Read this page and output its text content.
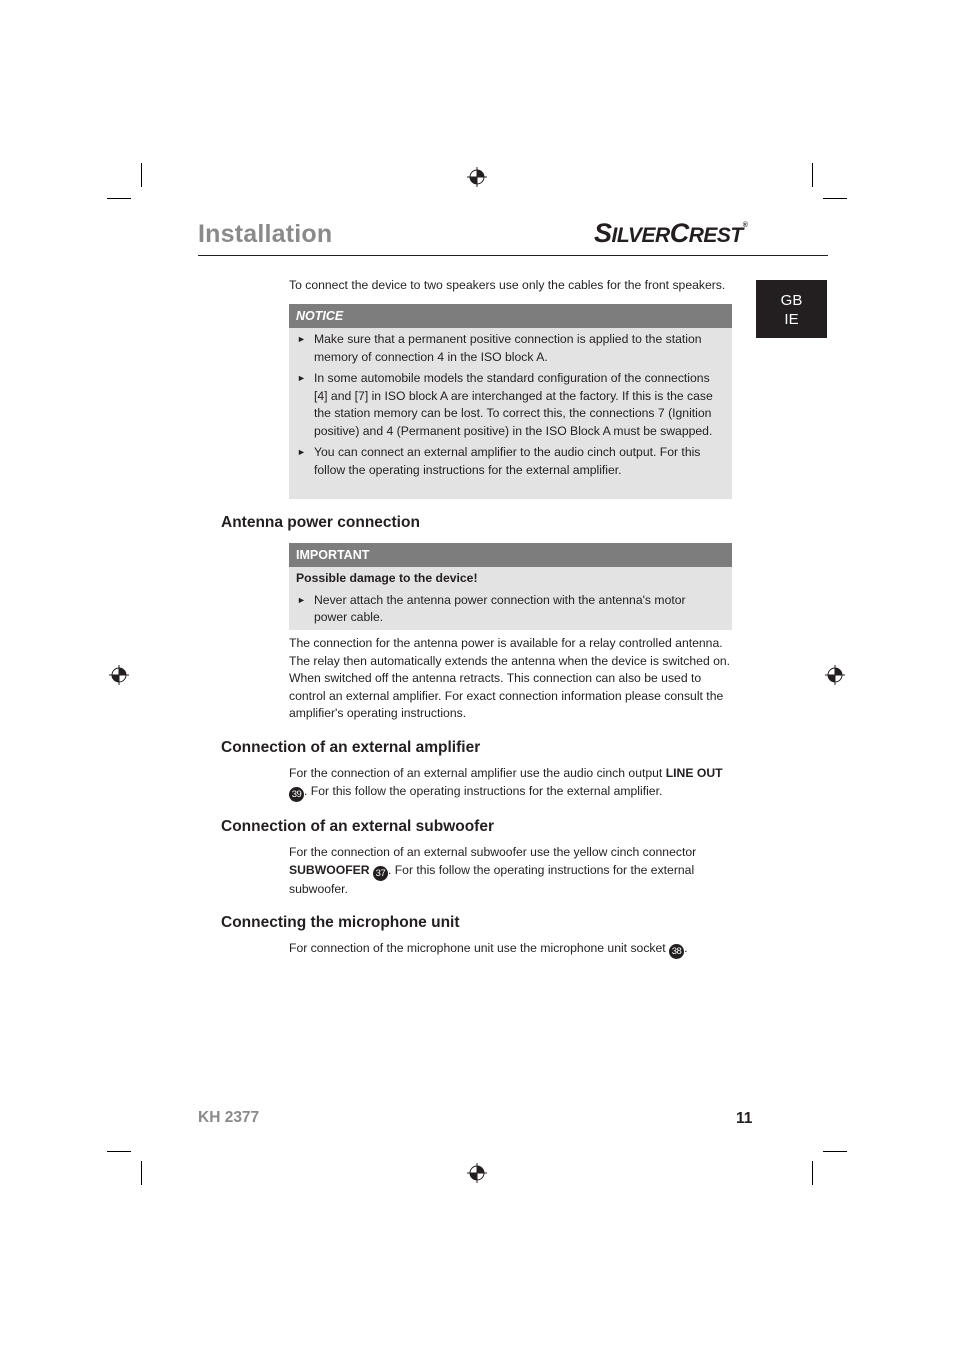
Installation	SILVERCREST®
GB
IE
To connect the device to two speakers use only the cables for the front speakers.
NOTICE
► Make sure that a permanent positive connection is applied to the station memory of connection 4 in the ISO block A.
► In some automobile models the standard configuration of the connections [4] and [7] in ISO block A are interchanged at the factory. If this is the case the station memory can be lost. To correct this, the connections 7 (Ignition positive) and 4 (Permanent positive) in the ISO Block A must be swapped.
► You can connect an external amplifier to the audio cinch output. For this follow the operating instructions for the external amplifier.
Antenna power connection
IMPORTANT
Possible damage to the device!
► Never attach the antenna power connection with the antenna's motor power cable.
The connection for the antenna power is available for a relay controlled antenna. The relay then automatically extends the antenna when the device is switched on. When switched off the antenna retracts. This connection can also be used to control an external amplifier. For exact connection information please consult the amplifier's operating instructions.
Connection of an external amplifier
For the connection of an external amplifier use the audio cinch output LINE OUT 39 . For this follow the operating instructions for the external amplifier.
Connection of an external subwoofer
For the connection of an external subwoofer use the yellow cinch connector SUBWOOFER 37 . For this follow the operating instructions for the external subwoofer.
Connecting the microphone unit
For connection of the microphone unit use the microphone unit socket 38 .
KH 2377	11
